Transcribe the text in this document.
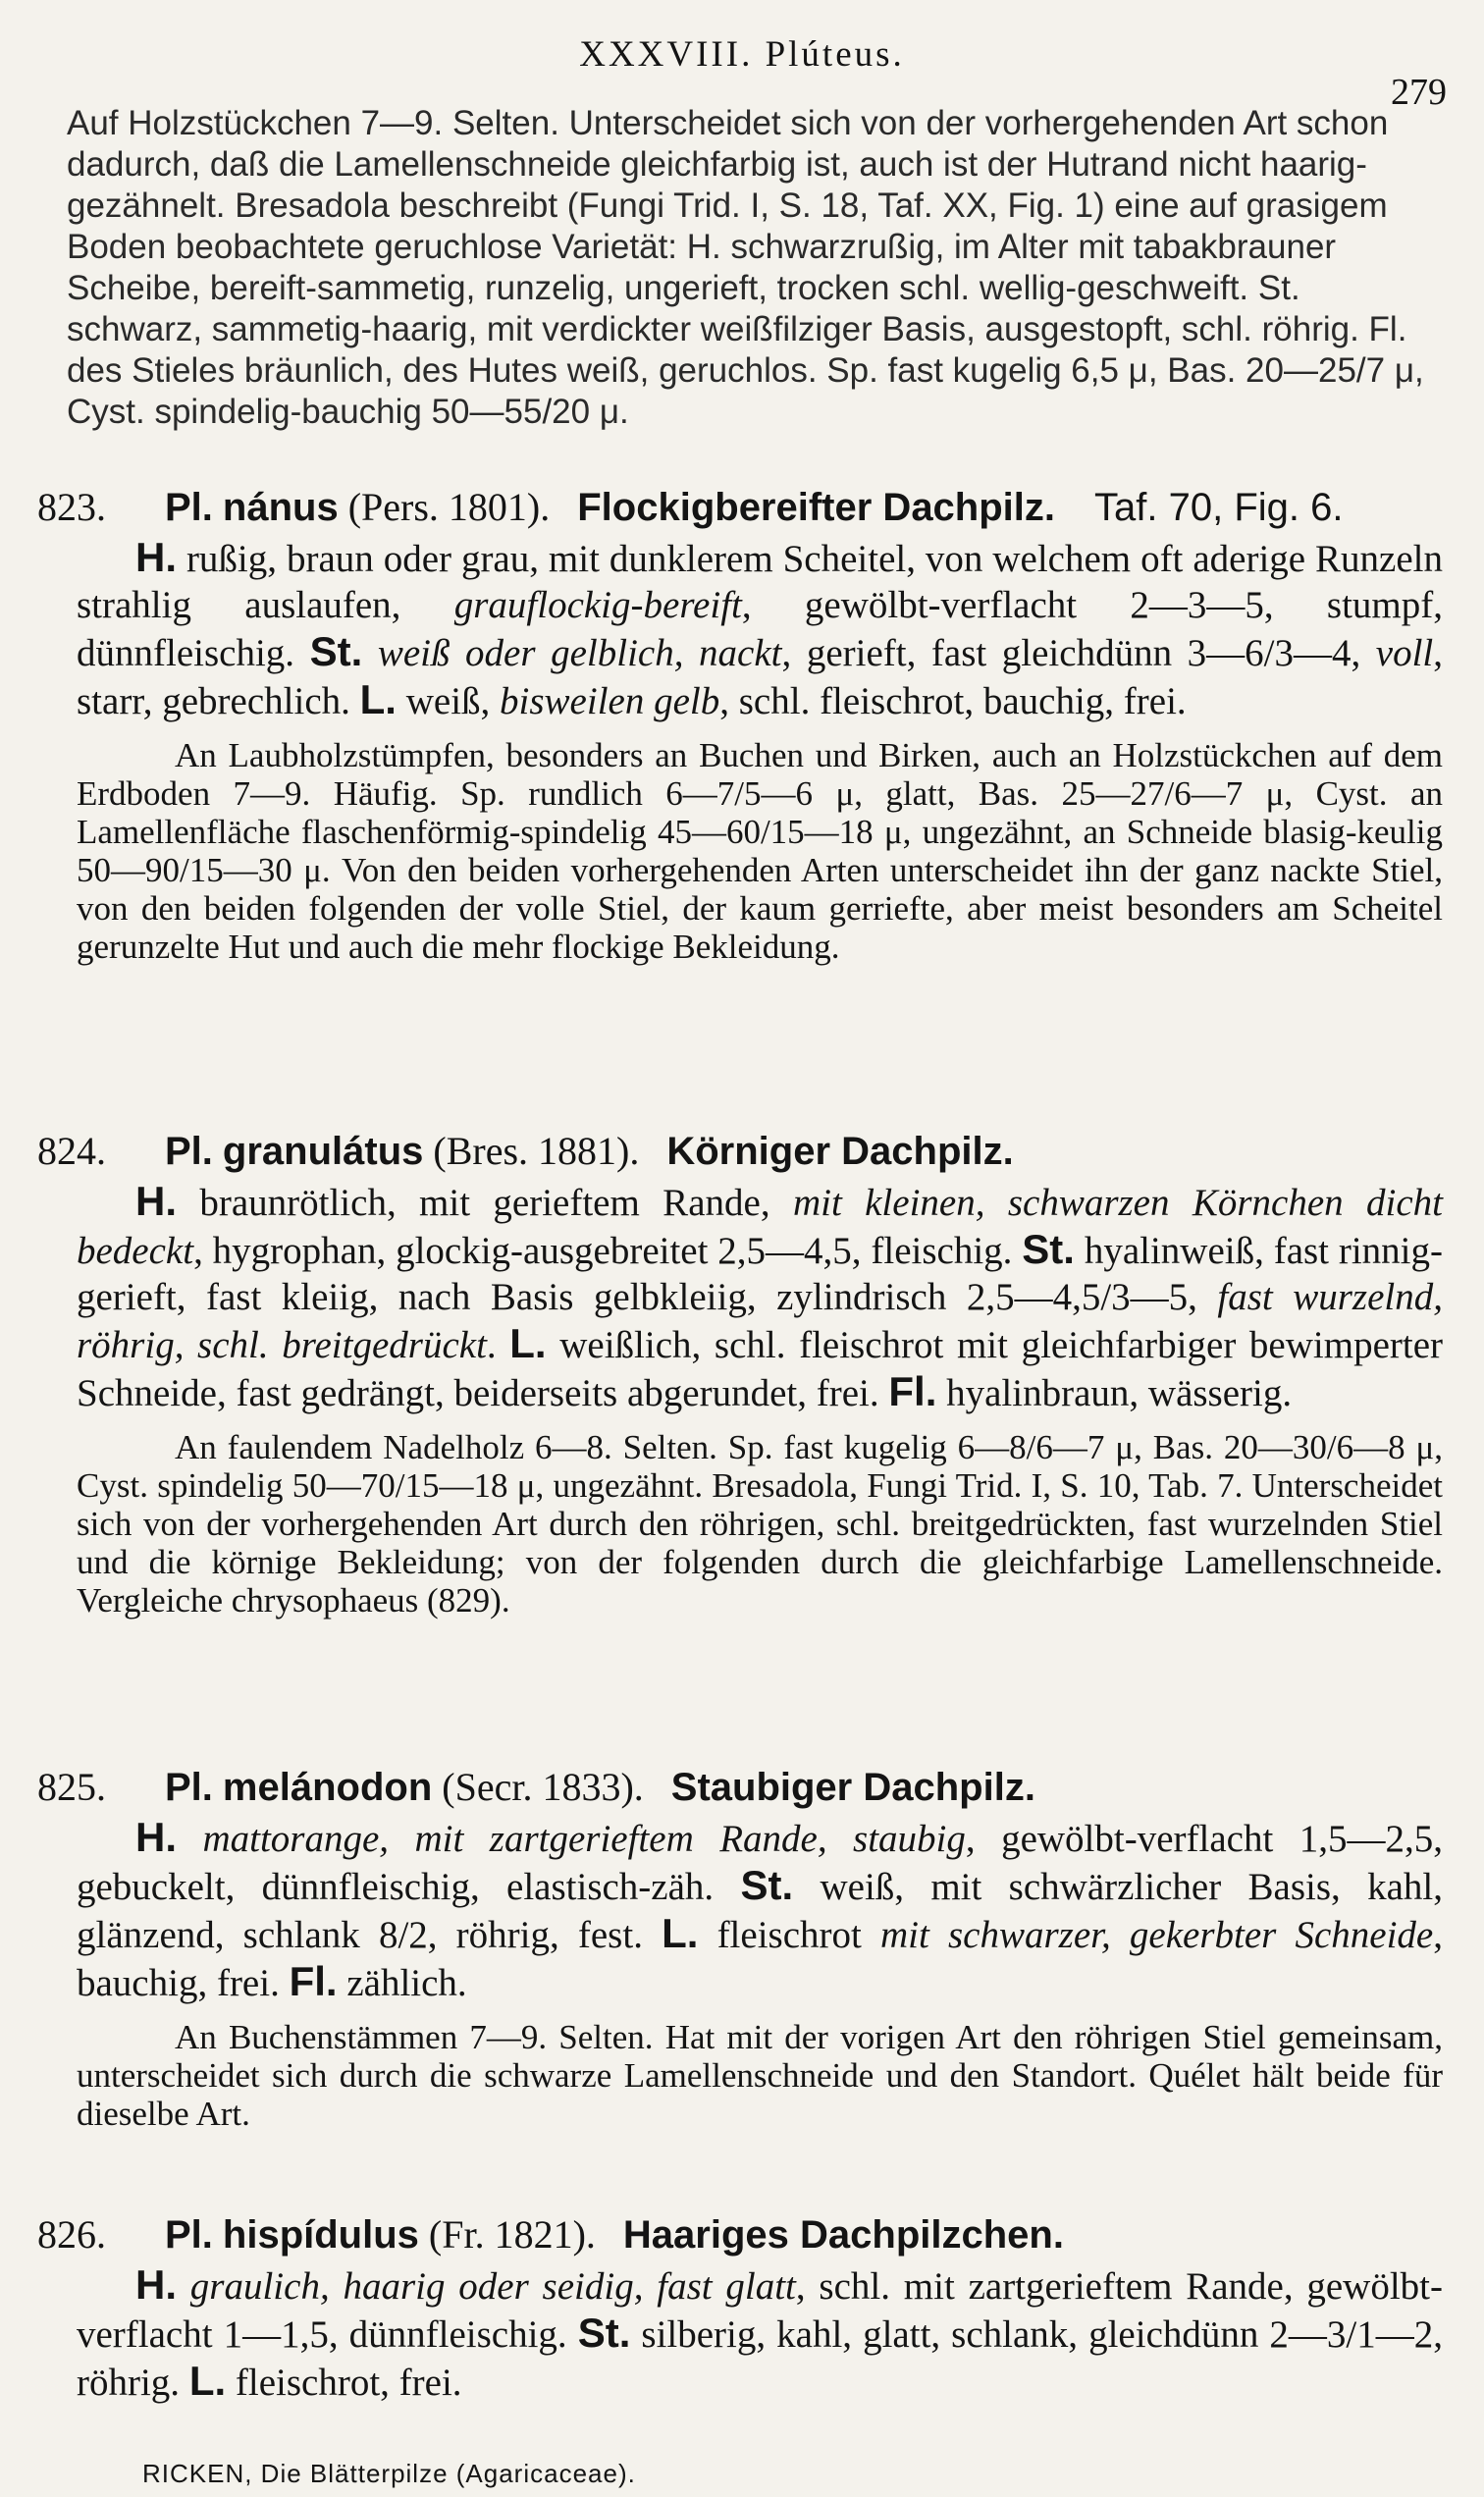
XXXVIII. Plúteus.
279

Auf Holzstückchen 7—9. Selten. Unterscheidet sich von der vorhergehenden Art schon dadurch, daß die Lamellenschneide gleichfarbig ist, auch ist der Hutrand nicht haarig-gezähnelt. Bresadola beschreibt (Fungi Trid. I, S. 18, Taf. XX, Fig. 1) eine auf grasigem Boden beobachtete geruchlose Varietät: H. schwarzrußig, im Alter mit tabakbrauner Scheibe, bereift-sammetig, runzelig, ungerieft, trocken schl. wellig-geschweift. St. schwarz, sammetig-haarig, mit verdickter weißfilziger Basis, ausgestopft, schl. röhrig. Fl. des Stieles bräunlich, des Hutes weiß, geruchlos. Sp. fast kugelig 6,5 μ, Bas. 20—25/7 μ, Cyst. spindelig-bauchig 50—55/20 μ.

823. Pl. nánus (Pers. 1801). Flockigbereifter Dachpilz. Taf. 70, Fig. 6.

H. rußig, braun oder grau, mit dunklerem Scheitel, von welchem oft aderige Runzeln strahlig auslaufen, grauflockig-bereift, gewölbt-verflacht 2—3—5, stumpf, dünnfleischig. St. weiß oder gelblich, nackt, gerieft, fast gleichdünn 3—6/3—4, voll, starr, gebrechlich. L. weiß, bisweilen gelb, schl. fleischrot, bauchig, frei.

An Laubholzstümpfen, besonders an Buchen und Birken, auch an Holzstückchen auf dem Erdboden 7—9. Häufig. Sp. rundlich 6—7/5—6 μ, glatt, Bas. 25—27/6—7 μ, Cyst. an Lamellenfläche flaschenförmig-spindelig 45—60/15—18 μ, ungezähnt, an Schneide blasig-keulig 50—90/15—30 μ. Von den beiden vorhergehenden Arten unterscheidet ihn der ganz nackte Stiel, von den beiden folgenden der volle Stiel, der kaum gerriefte, aber meist besonders am Scheitel gerunzelte Hut und auch die mehr flockige Bekleidung.

824. Pl. granulátus (Bres. 1881). Körniger Dachpilz.

H. braunrötlich, mit gerieftem Rande, mit kleinen, schwarzen Körnchen dicht bedeckt, hygrophan, glockig-ausgebreitet 2,5—4,5, fleischig. St. hyalinweiß, fast rinnig-gerieft, fast kleiig, nach Basis gelbkleiig, zylindrisch 2,5—4,5/3—5, fast wurzelnd, röhrig, schl. breitgedrückt. L. weißlich, schl. fleischrot mit gleichfarbiger bewimperter Schneide, fast gedrängt, beiderseits abgerundet, frei. Fl. hyalinbraun, wässerig.

An faulendem Nadelholz 6—8. Selten. Sp. fast kugelig 6—8/6—7 μ, Bas. 20—30/6—8 μ, Cyst. spindelig 50—70/15—18 μ, ungezähnt. Bresadola, Fungi Trid. I, S. 10, Tab. 7. Unterscheidet sich von der vorhergehenden Art durch den röhrigen, schl. breitgedrückten, fast wurzelnden Stiel und die körnige Bekleidung; von der folgenden durch die gleichfarbige Lamellenschneide. Vergleiche chrysophaeus (829).

825. Pl. melánodon (Secr. 1833). Staubiger Dachpilz.

H. mattorange, mit zartgerieftem Rande, staubig, gewölbt-verflacht 1,5—2,5, gebuckelt, dünnfleischig, elastisch-zäh. St. weiß, mit schwärzlicher Basis, kahl, glänzend, schlank 8/2, röhrig, fest. L. fleischrot mit schwarzer, gekerbter Schneide, bauchig, frei. Fl. zählich.

An Buchenstämmen 7—9. Selten. Hat mit der vorigen Art den röhrigen Stiel gemeinsam, unterscheidet sich durch die schwarze Lamellenschneide und den Standort. Quélet hält beide für dieselbe Art.

826. Pl. hispídulus (Fr. 1821). Haariges Dachpilzchen.

H. graulich, haarig oder seidig, fast glatt, schl. mit zartgerieftem Rande, gewölbt-verflacht 1—1,5, dünnfleischig. St. silberig, kahl, glatt, schlank, gleichdünn 2—3/1—2, röhrig. L. fleischrot, frei.

RICKEN, Die Blätterpilze (Agaricaceae).
